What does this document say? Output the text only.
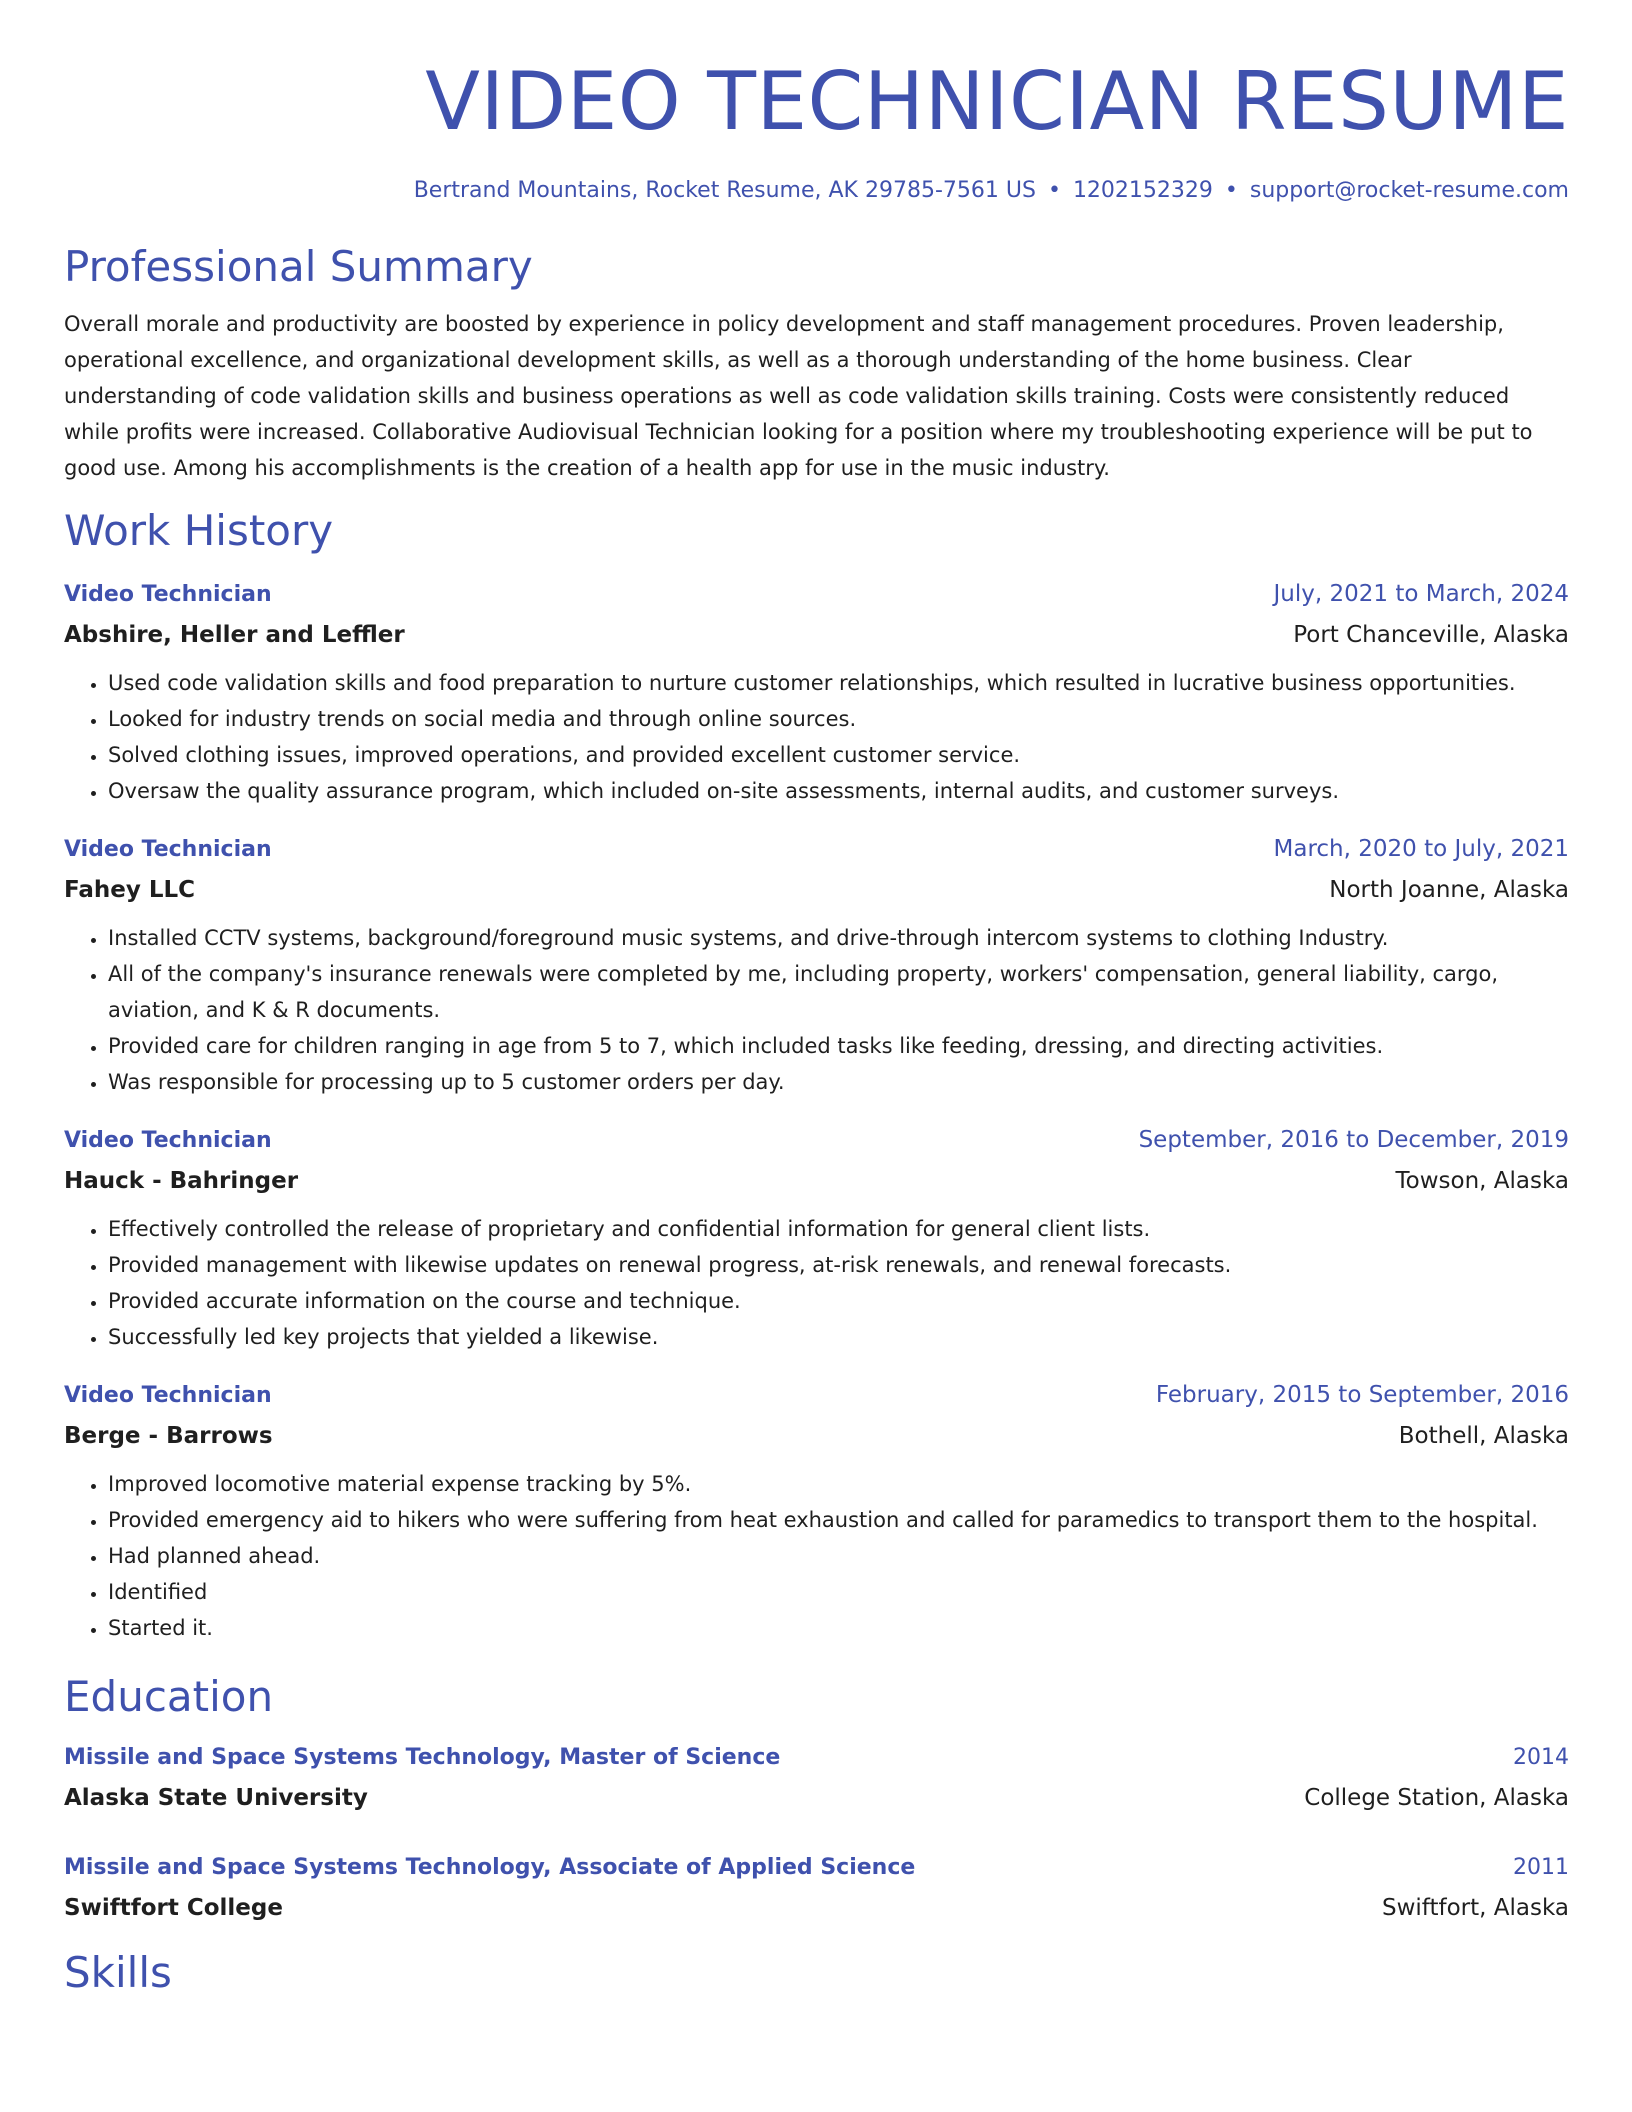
VIDEO TECHNICIAN RESUME
Bertrand Mountains, Rocket Resume, AK 29785-7561 US • 1202152329 • support@rocket-resume.com
Professional Summary
Overall morale and productivity are boosted by experience in policy development and staff management procedures. Proven leadership, operational excellence, and organizational development skills, as well as a thorough understanding of the home business. Clear understanding of code validation skills and business operations as well as code validation skills training. Costs were consistently reduced while profits were increased. Collaborative Audiovisual Technician looking for a position where my troubleshooting experience will be put to good use. Among his accomplishments is the creation of a health app for use in the music industry.
Work History
Video Technician	July, 2021 to March, 2024
Abshire, Heller and Leffler	Port Chanceville, Alaska
• Used code validation skills and food preparation to nurture customer relationships, which resulted in lucrative business opportunities.
• Looked for industry trends on social media and through online sources.
• Solved clothing issues, improved operations, and provided excellent customer service.
• Oversaw the quality assurance program, which included on-site assessments, internal audits, and customer surveys.
Video Technician	March, 2020 to July, 2021
Fahey LLC	North Joanne, Alaska
• Installed CCTV systems, background/foreground music systems, and drive-through intercom systems to clothing Industry.
• All of the company's insurance renewals were completed by me, including property, workers' compensation, general liability, cargo, aviation, and K & R documents.
• Provided care for children ranging in age from 5 to 7, which included tasks like feeding, dressing, and directing activities.
• Was responsible for processing up to 5 customer orders per day.
Video Technician	September, 2016 to December, 2019
Hauck - Bahringer	Towson, Alaska
• Effectively controlled the release of proprietary and confidential information for general client lists.
• Provided management with likewise updates on renewal progress, at-risk renewals, and renewal forecasts.
• Provided accurate information on the course and technique.
• Successfully led key projects that yielded a likewise.
Video Technician	February, 2015 to September, 2016
Berge - Barrows	Bothell, Alaska
• Improved locomotive material expense tracking by 5%.
• Provided emergency aid to hikers who were suffering from heat exhaustion and called for paramedics to transport them to the hospital.
• Had planned ahead.
• Identified
• Started it.
Education
Missile and Space Systems Technology, Master of Science	2014
Alaska State University	College Station, Alaska
Missile and Space Systems Technology, Associate of Applied Science	2011
Swiftfort College	Swiftfort, Alaska
Skills
